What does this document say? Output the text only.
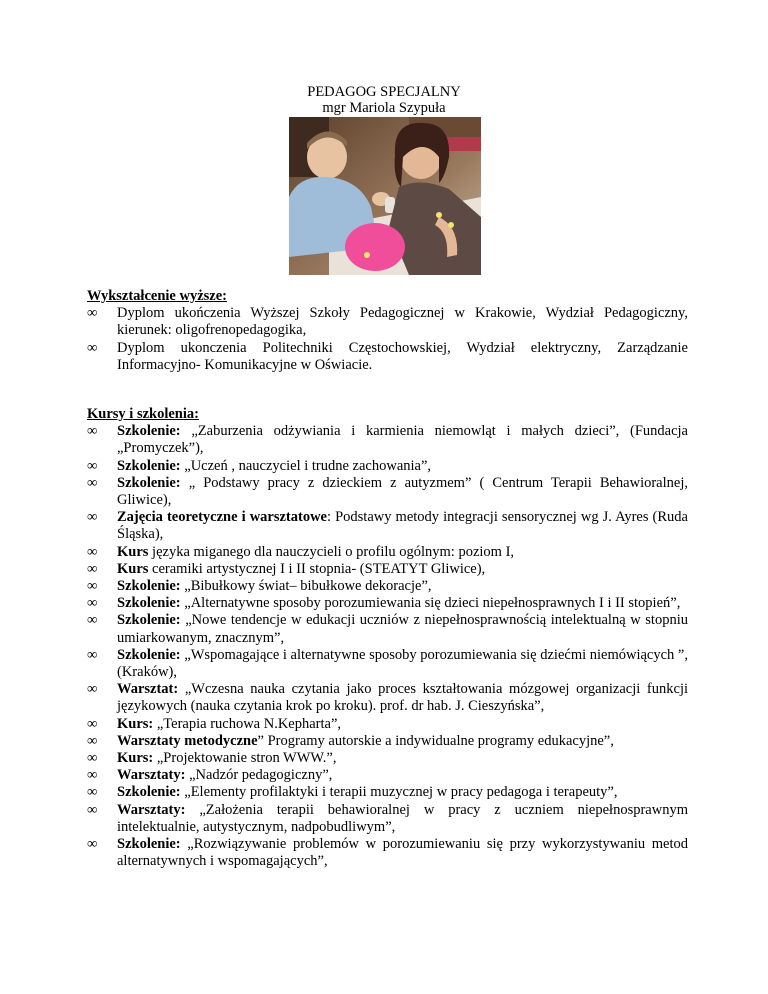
PEDAGOG SPECJALNY
mgr Mariola Szypuła

Wykształcenie wyższe:

∞	Dyplom ukończenia Wyższej Szkoły Pedagogicznej w Krakowie, Wydział Pedagogiczny, kierunek: oligofrenopedagogika,
∞	Dyplom ukonczenia Politechniki Częstochowskiej, Wydział elektryczny, Zarządzanie Informacyjno- Komunikacyjne w Oświacie.

Kursy i szkolenia:

∞	Szkolenie: „Zaburzenia odżywiania i karmienia niemowląt i małych dzieci”, (Fundacja „Promyczek”),
∞	Szkolenie: „Uczeń , nauczyciel i trudne zachowania”,
∞	Szkolenie: „ Podstawy pracy z dzieckiem z autyzmem” ( Centrum Terapii Behawioralnej, Gliwice),
∞	Zajęcia teoretyczne i warsztatowe: Podstawy metody integracji sensorycznej wg J. Ayres (Ruda Śląska),
∞	Kurs języka miganego dla nauczycieli o profilu ogólnym: poziom I,
∞	Kurs ceramiki artystycznej I i II stopnia- (STEATYT Gliwice),
∞	Szkolenie: „Bibułkowy świat– bibułkowe dekoracje”,
∞	Szkolenie: „Alternatywne sposoby porozumiewania się dzieci niepełnosprawnych I i II stopień”,
∞	Szkolenie: „Nowe tendencje w edukacji uczniów z niepełnosprawnością intelektualną w stopniu umiarkowanym, znacznym”,
∞	Szkolenie: „Wspomagające i alternatywne sposoby porozumiewania się dziećmi niemówiących ”, (Kraków),
∞	Warsztat: „Wczesna nauka czytania jako proces kształtowania mózgowej organizacji funkcji językowych (nauka czytania krok po kroku). prof. dr hab. J. Cieszyńska”,
∞	Kurs: „Terapia ruchowa N.Kepharta”,
∞	Warsztaty metodyczne” Programy autorskie a indywidualne programy edukacyjne”,
∞	Kurs: „Projektowanie stron WWW.”,
∞	Warsztaty: „Nadzór pedagogiczny”,
∞	Szkolenie: „Elementy profilaktyki i terapii muzycznej w pracy pedagoga i terapeuty”,
∞	Warsztaty: „Założenia terapii behawioralnej w pracy z uczniem niepełnosprawnym intelektualnie, autystycznym, nadpobudliwym”,
∞	Szkolenie: „Rozwiązywanie problemów w porozumiewaniu się przy wykorzystywaniu metod alternatywnych i wspomagających”,
